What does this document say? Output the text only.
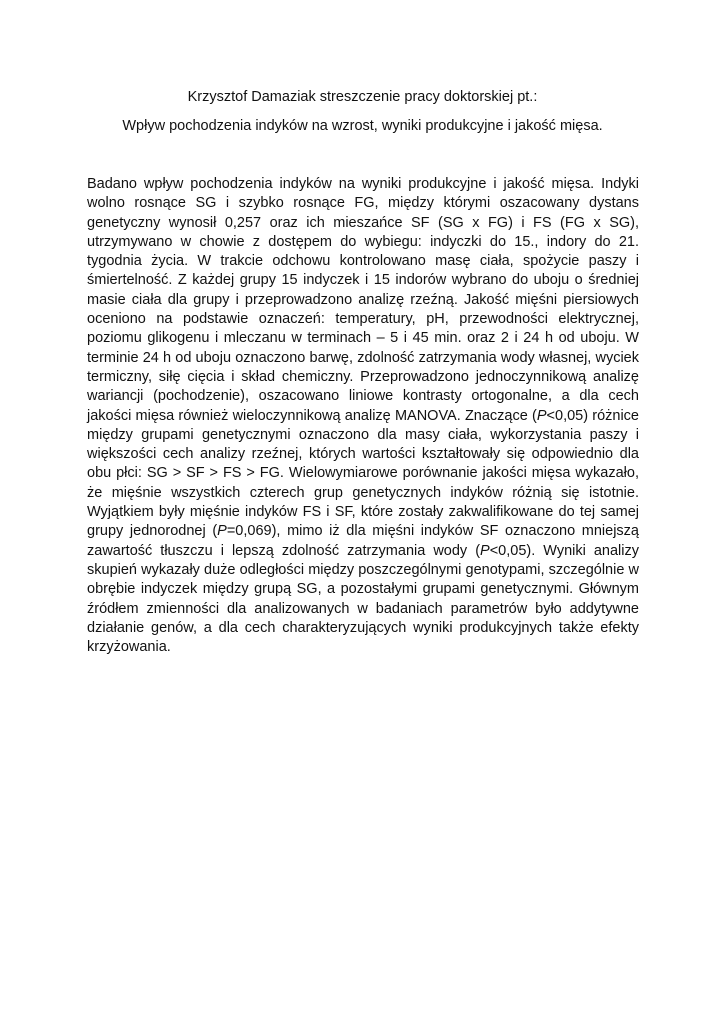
Krzysztof Damaziak streszczenie pracy doktorskiej pt.:
Wpływ pochodzenia indyków na wzrost, wyniki produkcyjne i jakość mięsa.

Badano wpływ pochodzenia indyków na wyniki produkcyjne i jakość mięsa. Indyki wolno rosnące SG i szybko rosnące FG, między którymi oszacowany dystans genetyczny wynosił 0,257 oraz ich mieszańce SF (SG x FG) i FS (FG x SG), utrzymywano w chowie z dostępem do wybiegu: indyczki do 15., indory do 21. tygodnia życia. W trakcie odchowu kontrolowano masę ciała, spożycie paszy i śmiertelność. Z każdej grupy 15 indyczek i 15 indorów wybrano do uboju o średniej masie ciała dla grupy i przeprowadzono analizę rzeźną. Jakość mięśni piersiowych oceniono na podstawie oznaczeń: temperatury, pH, przewodności elektrycznej, poziomu glikogenu i mleczanu w terminach – 5 i 45 min. oraz 2 i 24 h od uboju. W terminie 24 h od uboju oznaczono barwę, zdolność zatrzymania wody własnej, wyciek termiczny, siłę cięcia i skład chemiczny. Przeprowadzono jednoczynnikową analizę wariancji (pochodzenie), oszacowano liniowe kontrasty ortogonalne, a dla cech jakości mięsa również wieloczynnikową analizę MANOVA. Znaczące (P<0,05) różnice między grupami genetycznymi oznaczono dla masy ciała, wykorzystania paszy i większości cech analizy rzeźnej, których wartości kształtowały się odpowiednio dla obu płci: SG > SF > FS > FG. Wielowymiarowe porównanie jakości mięsa wykazało, że mięśnie wszystkich czterech grup genetycznych indyków różnią się istotnie. Wyjątkiem były mięśnie indyków FS i SF, które zostały zakwalifikowane do tej samej grupy jednorodnej (P=0,069), mimo iż dla mięśni indyków SF oznaczono mniejszą zawartość tłuszczu i lepszą zdolność zatrzymania wody (P<0,05). Wyniki analizy skupień wykazały duże odległości między poszczególnymi genotypami, szczególnie w obrębie indyczek między grupą SG, a pozostałymi grupami genetycznymi. Głównym źródłem zmienności dla analizowanych w badaniach parametrów było addytywne działanie genów, a dla cech charakteryzujących wyniki produkcyjnych także efekty krzyżowania.
